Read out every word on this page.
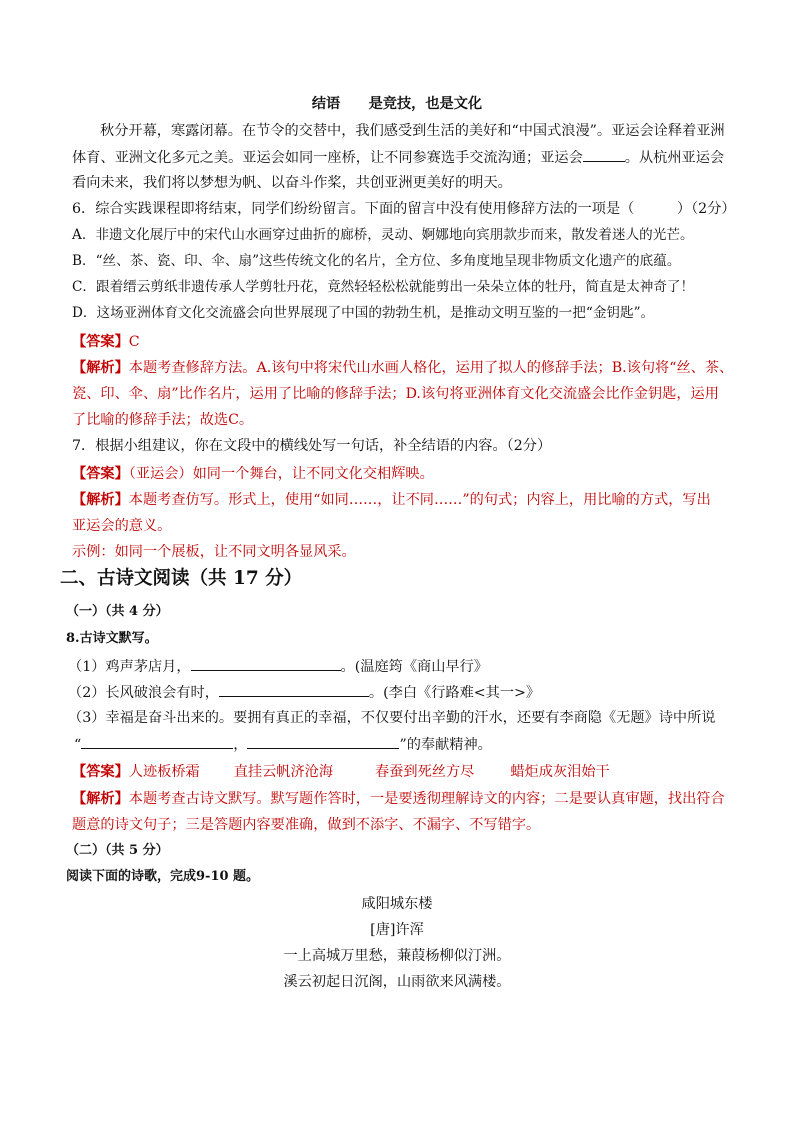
结语　　是竞技，也是文化
秋分开幕，寒露闭幕。在节令的交替中，我们感受到生活的美好和“中国式浪漫”。亚运会诠释着亚洲
体育、亚洲文化多元之美。亚运会如同一座桥，让不同参赛选手交流沟通；亚运会	。从杭州亚运会
看向未来，我们将以梦想为帆、以奋斗作桨，共创亚洲更美好的明天。
6．综合实践课程即将结束，同学们纷纷留言。下面的留言中没有使用修辞方法的一项是（　　　）（2分）
A．非遗文化展厅中的宋代山水画穿过曲折的廊桥，灵动、婀娜地向宾朋款步而来，散发着迷人的光芒。
B．“丝、茶、瓷、印、伞、扇”这些传统文化的名片，全方位、多角度地呈现非物质文化遗产的底蕴。
C．跟着缙云剪纸非遗传承人学剪牡丹花，竟然轻轻松松就能剪出一朵朵立体的牡丹，简直是太神奇了！
D．这场亚洲体育文化交流盛会向世界展现了中国的勃勃生机，是推动文明互鉴的一把“金钥匙”。
【答案】C
【解析】本题考查修辞方法。A.该句中将宋代山水画人格化，运用了拟人的修辞手法；B.该句将“丝、茶、
瓷、印、伞、扇”比作名片，运用了比喻的修辞手法；D.该句将亚洲体育文化交流盛会比作金钥匙，运用
了比喻的修辞手法；故选C。
7．根据小组建议，你在文段中的横线处写一句话，补全结语的内容。（2分）
【答案】（亚运会）如同一个舞台，让不同文化交相辉映。
【解析】本题考查仿写。形式上，使用“如同……，让不同……”的句式；内容上，用比喻的方式，写出
亚运会的意义。
示例：如同一个展板，让不同文明各显风采。
二、古诗文阅读（共 17 分）
（一）（共 4 分）
8.古诗文默写。
（1）鸡声茅店月，	。(温庭筠《商山早行》
（2）长风破浪会有时，	。(李白《行路难<其一>》
（3）幸福是奋斗出来的。要拥有真正的幸福，不仅要付出辛勤的汗水，还要有李商隐《无题》诗中所说
“	，	”的奉献精神。
【答案】人迹板桥霜 直挂云帆济沧海	春蚕到死丝方尽	蜡炬成灰泪始干
【解析】本题考查古诗文默写。默写题作答时，一是要透彻理解诗文的内容；二是要认真审题，找出符合
题意的诗文句子；三是答题内容要准确，做到不添字、不漏字、不写错字。
（二）（共 5 分）
阅读下面的诗歌，完成9-10 题。
咸阳城东楼
[唐]许浑
一上高城万里愁，蒹葭杨柳似汀洲。
溪云初起日沉阁，山雨欲来风满楼。
